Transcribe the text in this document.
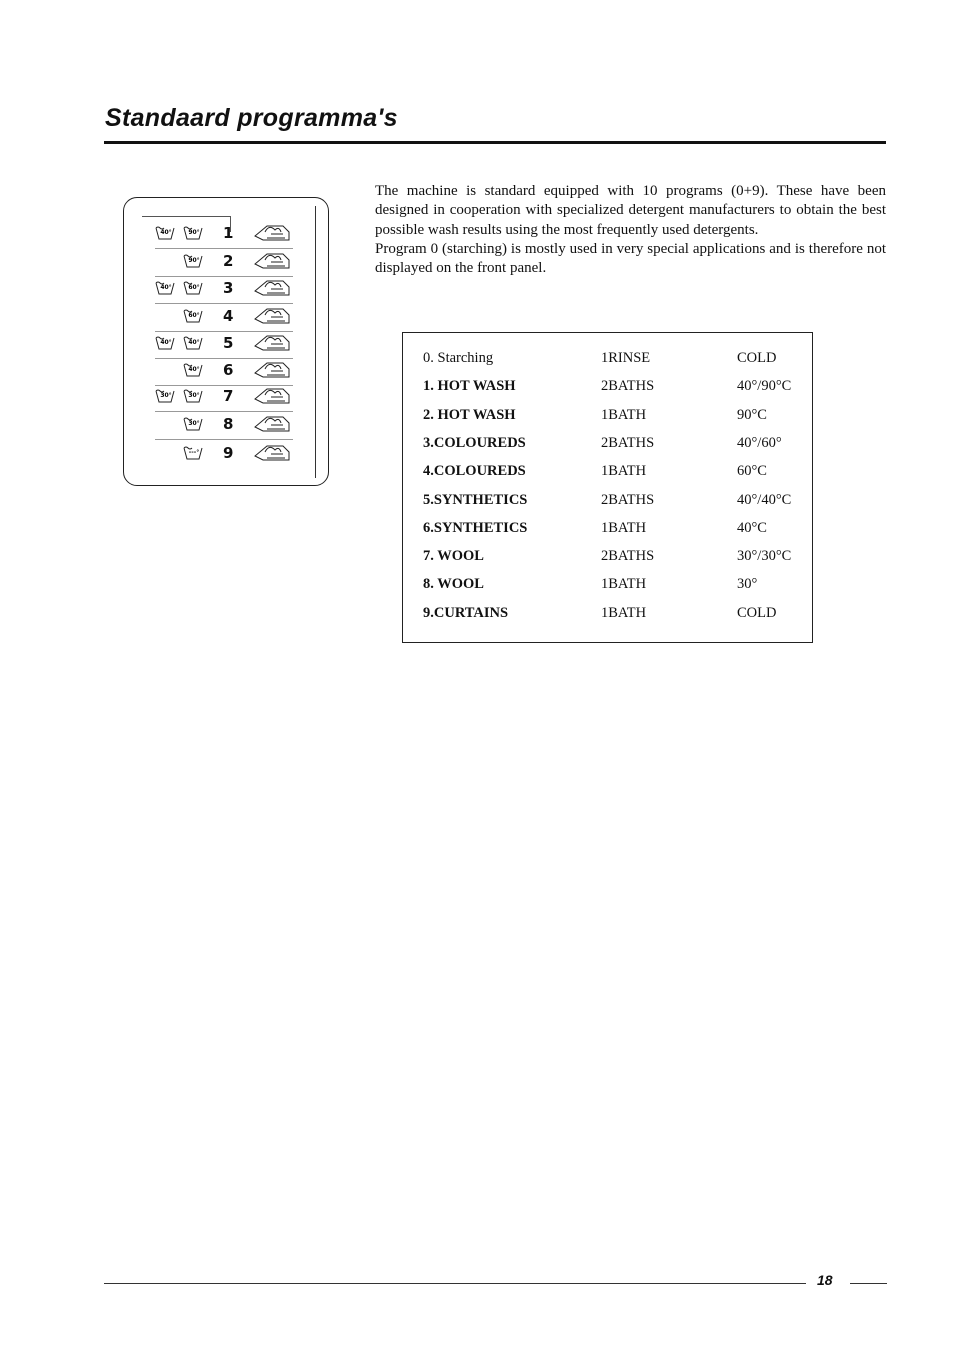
Standaard programma's

The machine is standard equipped with 10 programs (0+9). These have been designed in cooperation with specialized detergent manufacturers to obtain the best possible wash results using the most frequently used detergents.

Program 0 (starching) is mostly used in very special applications and is therefore not displayed on the front panel.

40°	90° 1
90° 2
40°	60° 3
60° 4
40°	40° 5
40° 6
30°	30° 7
30° 8
---° 9
0. Starching	1RINSE	COLD
1. HOT WASH	2BATHS	40°/90°C
2. HOT WASH	1BATH	90°C
3.COLOUREDS	2BATHS	40°/60°
4.COLOUREDS	1BATH	60°C
5.SYNTHETICS	2BATHS	40°/40°C
6.SYNTHETICS	1BATH	40°C
7. WOOL	2BATHS	30°/30°C
8. WOOL	1BATH	30°
9.CURTAINS	1BATH	COLD
18
